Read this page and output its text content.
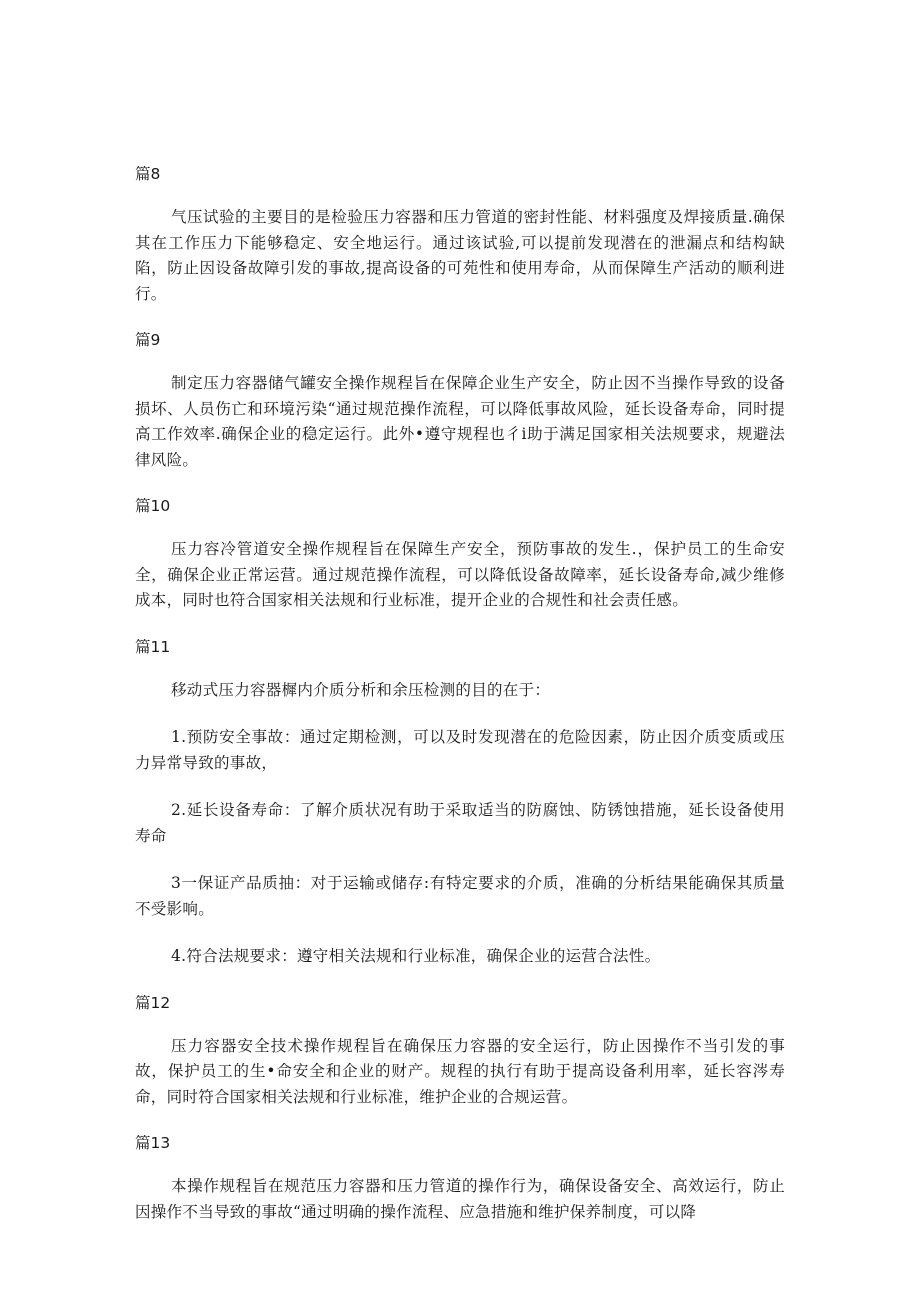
篇8

气压试验的主要目的是检验压力容器和压力管道的密封性能、材料强度及焊接质量.确保其在工作压力下能够稳定、安全地运行。通过该试验,可以提前发现潜在的泄漏点和结构缺陷，防止因设备故障引发的事故,提高设备的可苑性和使用寿命，从而保障生产活动的顺利进行。

篇9

制定压力容器储气罐安全操作规程旨在保障企业生产安全，防止因不当操作导致的设备损坏、人员伤亡和环境污染“通过规范操作流程，可以降低事故风险，延长设备寿命，同时提高工作效率.确保企业的稳定运行。此外•遵守规程也彳i助于满足国家相关法规要求，规避法律风险。

篇10

压力容冷管道安全操作规程旨在保障生产安全，预防事故的发生.，保护员工的生命安全，确保企业正常运营。通过规范操作流程，可以降低设备故障率，延长设备寿命,减少维修成本，同时也符合国家相关法规和行业标准，提开企业的合规性和社会责任感。

篇11

移动式压力容器樨内介质分析和余压检测的目的在于：

1.预防安全事故：通过定期检测，可以及时发现潜在的危险因素，防止因介质变质或压力异常导致的事故，

2.延长设备寿命：了解介质状况有助于采取适当的防腐蚀、防锈蚀措施，延长设备使用寿命

3一保证产品质抽：对于运输或储存:有特定要求的介质，准确的分析结果能确保其质量不受影响。

4.符合法规要求：遵守相关法规和行业标准，确保企业的运营合法性。

篇12

压力容器安全技术操作规程旨在确保压力容器的安全运行，防止因操作不当引发的事故，保护员工的生•命安全和企业的财产。规程的执行有助于提高设备利用率，延长容涔寿命，同时符合国家相关法规和行业标准，维护企业的合规运营。

篇13

本操作规程旨在规范压力容器和压力管道的操作行为，确保设备安全、高效运行，防止因操作不当导致的事故“通过明确的操作流程、应急措施和维护保养制度，可以降
